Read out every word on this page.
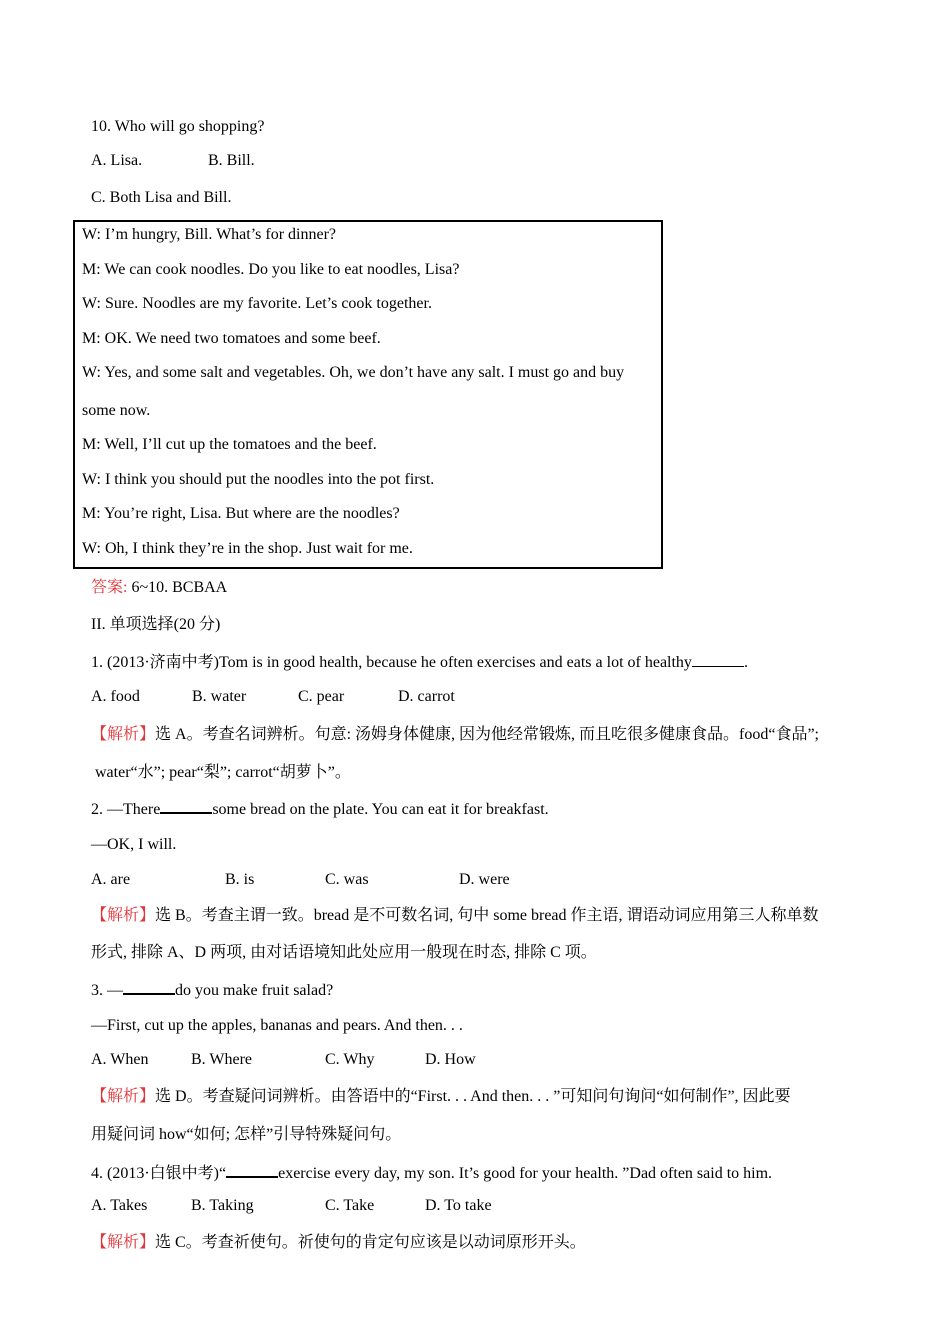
10. Who will go shopping?
A. Lisa.	B. Bill.
C. Both Lisa and Bill.
W: I’m hungry, Bill. What’s for dinner?
M: We can cook noodles. Do you like to eat noodles, Lisa?
W: Sure. Noodles are my favorite. Let’s cook together.
M: OK. We need two tomatoes and some beef.
W: Yes, and some salt and vegetables. Oh, we don’t have any salt. I must go and buy
some now.
M: Well, I’ll cut up the tomatoes and the beef.
W: I think you should put the noodles into the pot first.
M: You’re right, Lisa. But where are the noodles?
W: Oh, I think they’re in the shop. Just wait for me.
答案: 6~10. BCBAA
II. 单项选择(20 分)
1. (2013·济南中考)Tom is in good health, because he often exercises and eats a lot of healthy	.
A. food	B. water	C. pear	D. carrot
【解析】选 A。考查名词辨析。句意: 汤姆身体健康, 因为他经常锻炼, 而且吃很多健康食品。food“食品”;
water“水”; pear“梨”; carrot“胡萝卜”。
2. —There	some bread on the plate. You can eat it for breakfast.
—OK, I will.
A. are	B. is	C. was	D. were
【解析】选 B。考查主谓一致。bread 是不可数名词, 句中 some bread 作主语, 谓语动词应用第三人称单数
形式, 排除 A、D 两项, 由对话语境知此处应用一般现在时态, 排除 C 项。
3. —	do you make fruit salad?
—First, cut up the apples, bananas and pears. And then. . .
A. When	B. Where	C. Why	D. How
【解析】选 D。考查疑问词辨析。由答语中的“First. . . And then. . . ”可知问句询问“如何制作”, 因此要
用疑问词 how“如何; 怎样”引导特殊疑问句。
4. (2013·白银中考)“	exercise every day, my son. It’s good for your health. ”Dad often said to him.
A. Takes	B. Taking	C. Take	D. To take
【解析】选 C。考查祈使句。祈使句的肯定句应该是以动词原形开头。
